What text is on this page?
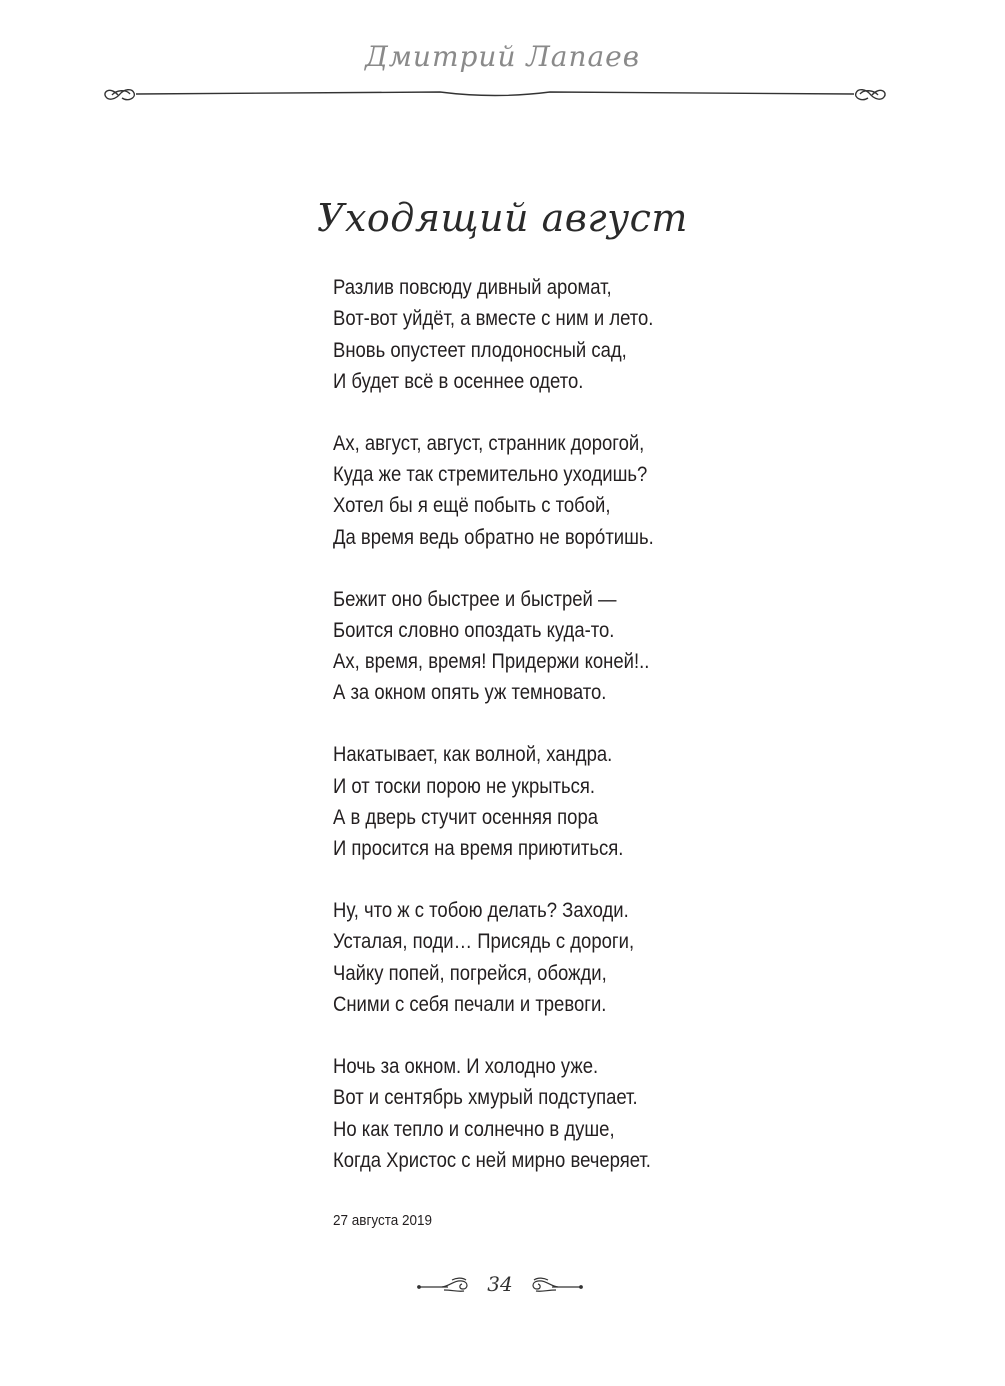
Дмитрий Лапаев
Уходящий август
Разлив повсюду дивный аромат,
Вот-вот уйдёт, а вместе с ним и лето.
Вновь опустеет плодоносный сад,
И будет всё в осеннее одето.
Ах, август, август, странник дорогой,
Куда же так стремительно уходишь?
Хотел бы я ещё побыть с тобой,
Да время ведь обратно не воро́тишь.
Бежит оно быстрее и быстрей —
Боится словно опоздать куда-то.
Ах, время, время! Придержи коней!..
А за окном опять уж темновато.
Накатывает, как волной, хандра.
И от тоски порою не укрыться.
А в дверь стучит осенняя пора
И просится на время приютиться.
Ну, что ж с тобою делать? Заходи.
Усталая, поди… Присядь с дороги,
Чайку попей, погрейся, обожди,
Сними с себя печали и тревоги.
Ночь за окном. И холодно уже.
Вот и сентябрь хмурый подступает.
Но как тепло и солнечно в душе,
Когда Христос с ней мирно вечеряет.
27 августа 2019
34
